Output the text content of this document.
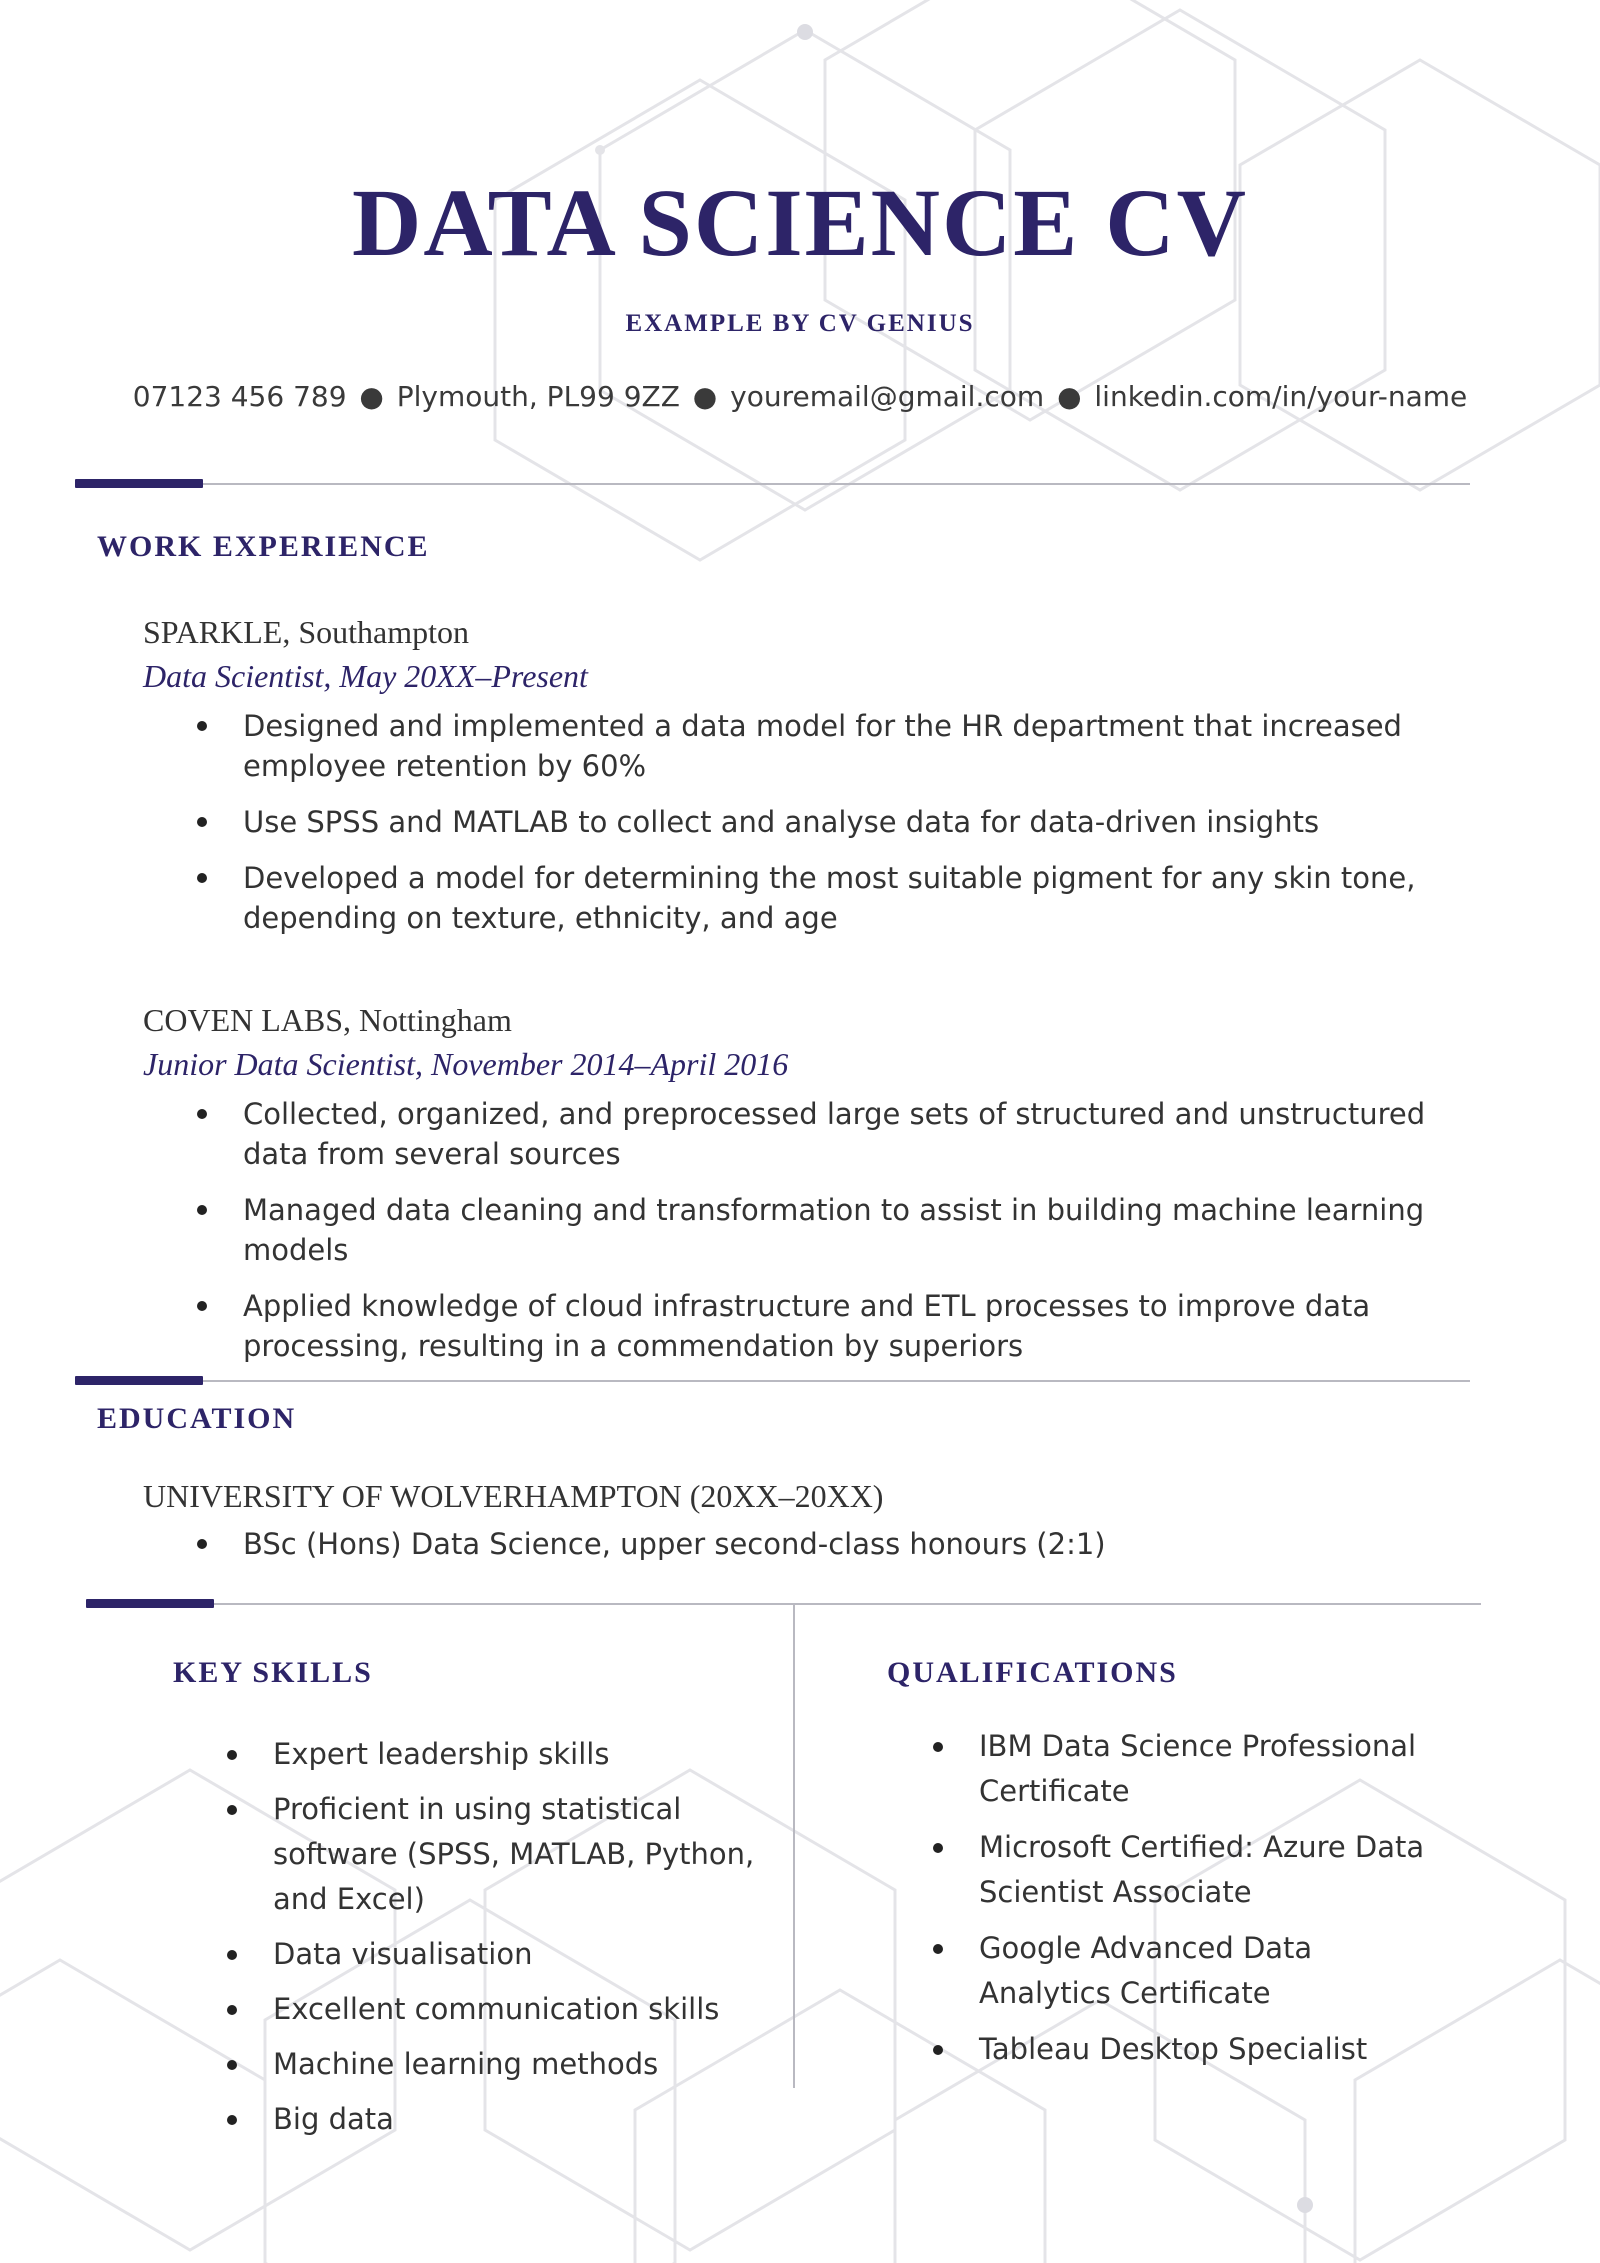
DATA SCIENCE CV
EXAMPLE BY CV GENIUS
07123 456 789 ● Plymouth, PL99 9ZZ ● youremail@gmail.com ● linkedin.com/in/your-name
WORK EXPERIENCE
SPARKLE, Southampton
Data Scientist, May 20XX–Present
Designed and implemented a data model for the HR department that increased employee retention by 60%
Use SPSS and MATLAB to collect and analyse data for data-driven insights
Developed a model for determining the most suitable pigment for any skin tone, depending on texture, ethnicity, and age
COVEN LABS, Nottingham
Junior Data Scientist, November 2014–April 2016
Collected, organized, and preprocessed large sets of structured and unstructured data from several sources
Managed data cleaning and transformation to assist in building machine learning models
Applied knowledge of cloud infrastructure and ETL processes to improve data processing, resulting in a commendation by superiors
EDUCATION
UNIVERSITY OF WOLVERHAMPTON (20XX–20XX)
BSc (Hons) Data Science, upper second-class honours (2:1)
KEY SKILLS
Expert leadership skills
Proficient in using statistical software (SPSS, MATLAB, Python, and Excel)
Data visualisation
Excellent communication skills
Machine learning methods
Big data
QUALIFICATIONS
IBM Data Science Professional Certificate
Microsoft Certified: Azure Data Scientist Associate
Google Advanced Data Analytics Certificate
Tableau Desktop Specialist
